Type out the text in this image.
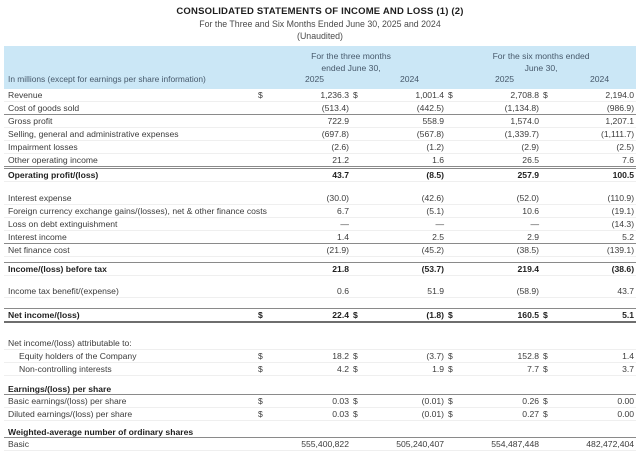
CONSOLIDATED STATEMENTS OF INCOME AND LOSS (1) (2)
For the Three and Six Months Ended June 30, 2025 and 2024
(Unaudited)
	For the three months
ended June 30,				For the six months ended
June 30,			
In millions (except for earnings per share information)		2025		2024		2025		2024
Revenue	$	1,236.3	$	1,001.4	$	2,708.8	$	2,194.0
Cost of goods sold		(513.4)		(442.5)		(1,134.8)		(986.9)
Gross profit		722.9		558.9		1,574.0		1,207.1
Selling, general and administrative expenses		(697.8)		(567.8)		(1,339.7)		(1,111.7)
Impairment losses		(2.6)		(1.2)		(2.9)		(2.5)
Other operating income		21.2		1.6		26.5		7.6
Operating profit/(loss)		43.7		(8.5)		257.9		100.5

Interest expense		(30.0)		(42.6)		(52.0)		(110.9)
Foreign currency exchange gains/(losses), net & other finance costs		6.7		(5.1)		10.6		(19.1)
Loss on debt extinguishment		—		—		—		(14.3)
Interest income		1.4		2.5		2.9		5.2
Net finance cost		(21.9)		(45.2)		(38.5)		(139.1)

Income/(loss) before tax		21.8		(53.7)		219.4		(38.6)

Income tax benefit/(expense)		0.6		51.9		(58.9)		43.7

Net income/(loss)	$	22.4	$	(1.8)	$	160.5	$	5.1

Net income/(loss) attributable to:								
Equity holders of the Company	$	18.2	$	(3.7)	$	152.8	$	1.4
Non-controlling interests	$	4.2	$	1.9	$	7.7	$	3.7

Earnings/(loss) per share								
Basic earnings/(loss) per share	$	0.03	$	(0.01)	$	0.26	$	0.00
Diluted earnings/(loss) per share	$	0.03	$	(0.01)	$	0.27	$	0.00

Weighted-average number of ordinary shares								
Basic		555,400,822		505,240,407		554,487,448		482,472,404
